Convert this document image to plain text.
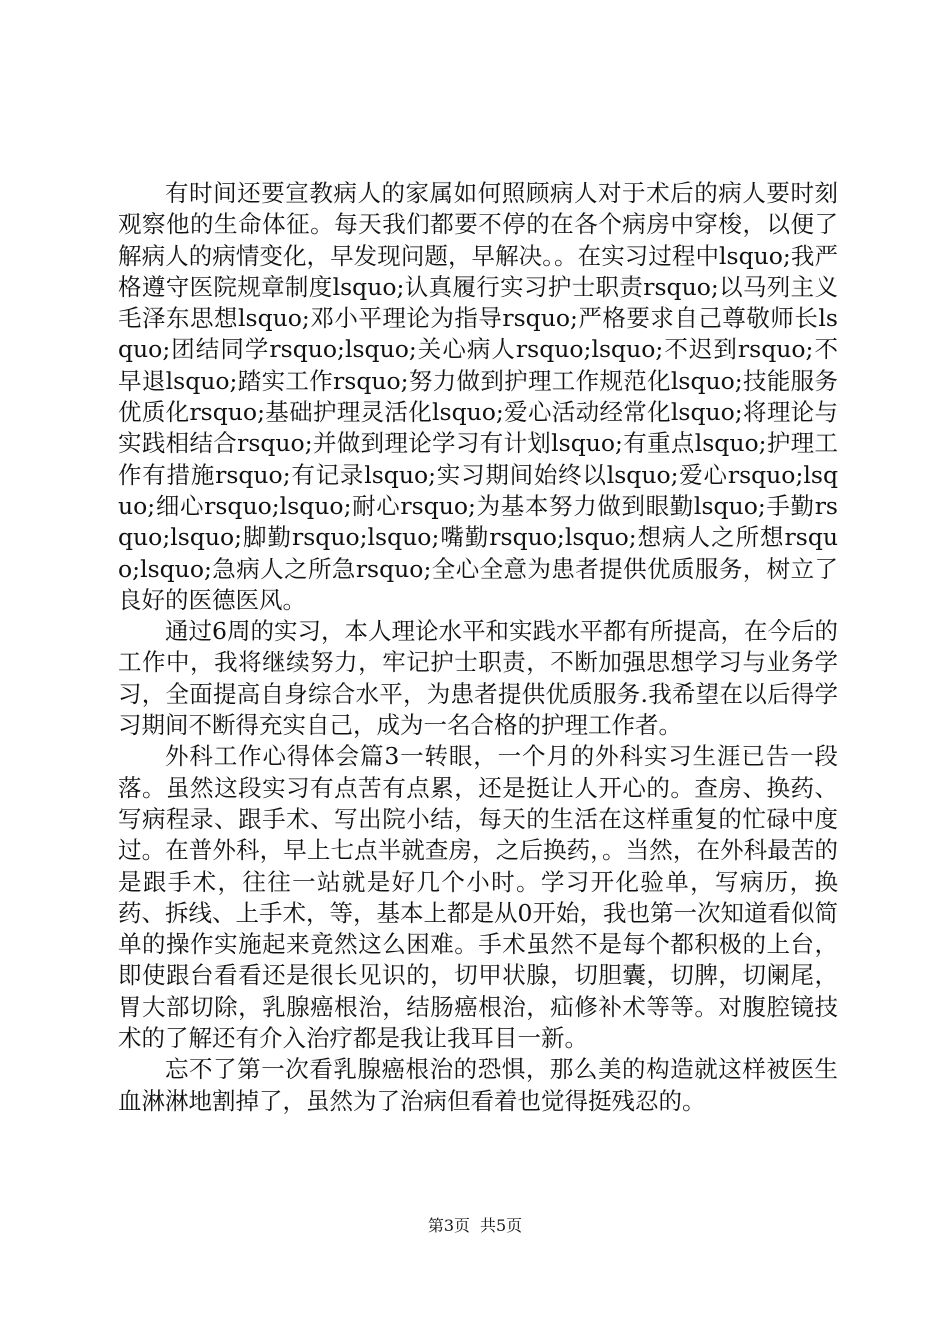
有时间还要宣教病人的家属如何照顾病人对于术后的病人要时刻观察他的生命体征。每天我们都要不停的在各个病房中穿梭，以便了解病人的病情变化，早发现问题，早解决。。在实习过程中lsquo;我严格遵守医院规章制度lsquo;认真履行实习护士职责rsquo;以马列主义毛泽东思想lsquo;邓小平理论为指导rsquo;严格要求自己尊敬师长lsquo;团结同学rsquo;lsquo;关心病人rsquo;lsquo;不迟到rsquo;不早退lsquo;踏实工作rsquo;努力做到护理工作规范化lsquo;技能服务优质化rsquo;基础护理灵活化lsquo;爱心活动经常化lsquo;将理论与实践相结合rsquo;并做到理论学习有计划lsquo;有重点lsquo;护理工作有措施rsquo;有记录lsquo;实习期间始终以lsquo;爱心rsquo;lsquo;细心rsquo;lsquo;耐心rsquo;为基本努力做到眼勤lsquo;手勤rsquo;lsquo;脚勤rsquo;lsquo;嘴勤rsquo;lsquo;想病人之所想rsquo;lsquo;急病人之所急rsquo;全心全意为患者提供优质服务，树立了良好的医德医风。

通过6周的实习，本人理论水平和实践水平都有所提高，在今后的工作中，我将继续努力，牢记护士职责，不断加强思想学习与业务学习，全面提高自身综合水平，为患者提供优质服务.我希望在以后得学习期间不断得充实自己，成为一名合格的护理工作者。

外科工作心得体会篇3一转眼，一个月的外科实习生涯已告一段落。虽然这段实习有点苦有点累，还是挺让人开心的。查房、换药、写病程录、跟手术、写出院小结，每天的生活在这样重复的忙碌中度过。在普外科，早上七点半就查房，之后换药，。当然，在外科最苦的是跟手术，往往一站就是好几个小时。学习开化验单，写病历，换药、拆线、上手术，等，基本上都是从0开始，我也第一次知道看似简单的操作实施起来竟然这么困难。手术虽然不是每个都积极的上台，即使跟台看看还是很长见识的，切甲状腺，切胆囊，切脾，切阑尾，胃大部切除，乳腺癌根治，结肠癌根治，疝修补术等等。对腹腔镜技术的了解还有介入治疗都是我让我耳目一新。

忘不了第一次看乳腺癌根治的恐惧，那么美的构造就这样被医生血淋淋地割掉了，虽然为了治病但看着也觉得挺残忍的。

第3页 共5页
